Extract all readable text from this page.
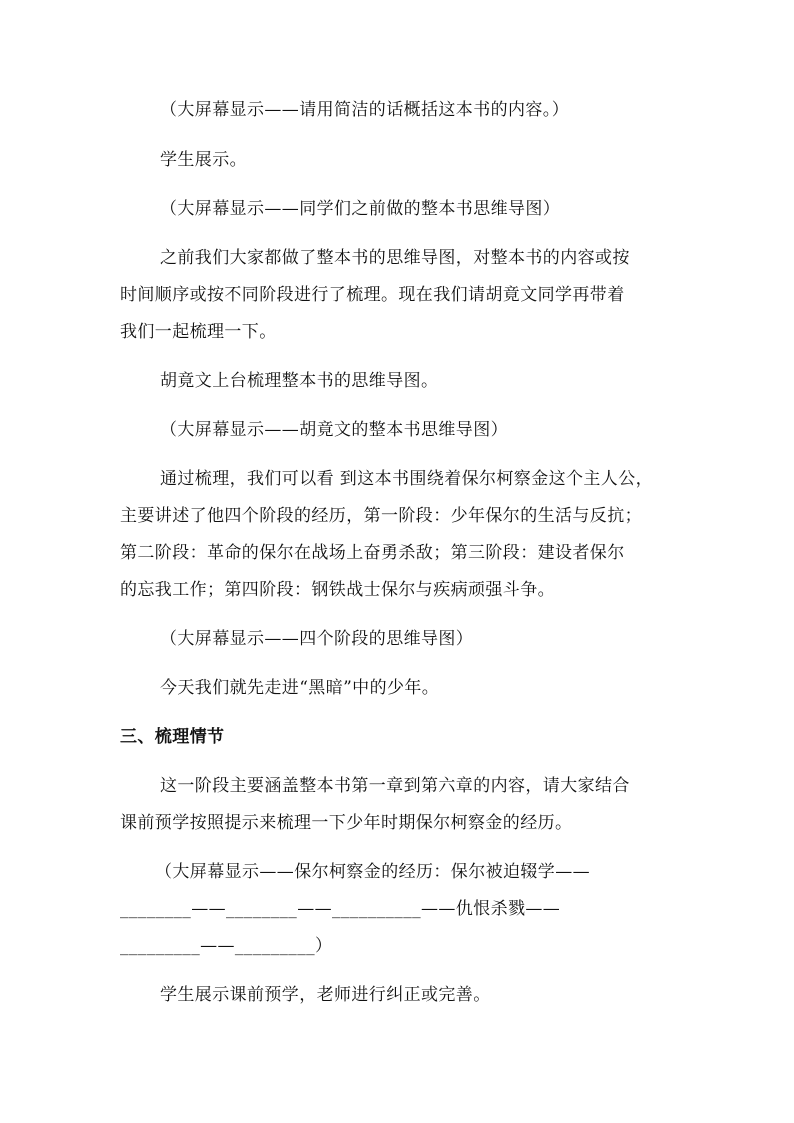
（大屏幕显示——请用简洁的话概括这本书的内容。）
学生展示。
（大屏幕显示——同学们之前做的整本书思维导图）
之前我们大家都做了整本书的思维导图，对整本书的内容或按
时间顺序或按不同阶段进行了梳理。现在我们请胡竟文同学再带着
我们一起梳理一下。
胡竟文上台梳理整本书的思维导图。
（大屏幕显示——胡竟文的整本书思维导图）
通过梳理，我们可以看 到这本书围绕着保尔柯察金这个主人公，
主要讲述了他四个阶段的经历，第一阶段：少年保尔的生活与反抗；
第二阶段：革命的保尔在战场上奋勇杀敌；第三阶段：建设者保尔
的忘我工作；第四阶段：钢铁战士保尔与疾病顽强斗争。
（大屏幕显示——四个阶段的思维导图）
今天我们就先走进“黑暗”中的少年。
三、梳理情节
这一阶段主要涵盖整本书第一章到第六章的内容，请大家结合
课前预学按照提示来梳理一下少年时期保尔柯察金的经历。
（大屏幕显示——保尔柯察金的经历：保尔被迫辍学——
________——________——__________——仇恨杀戮——
_________——_________）
学生展示课前预学，老师进行纠正或完善。
